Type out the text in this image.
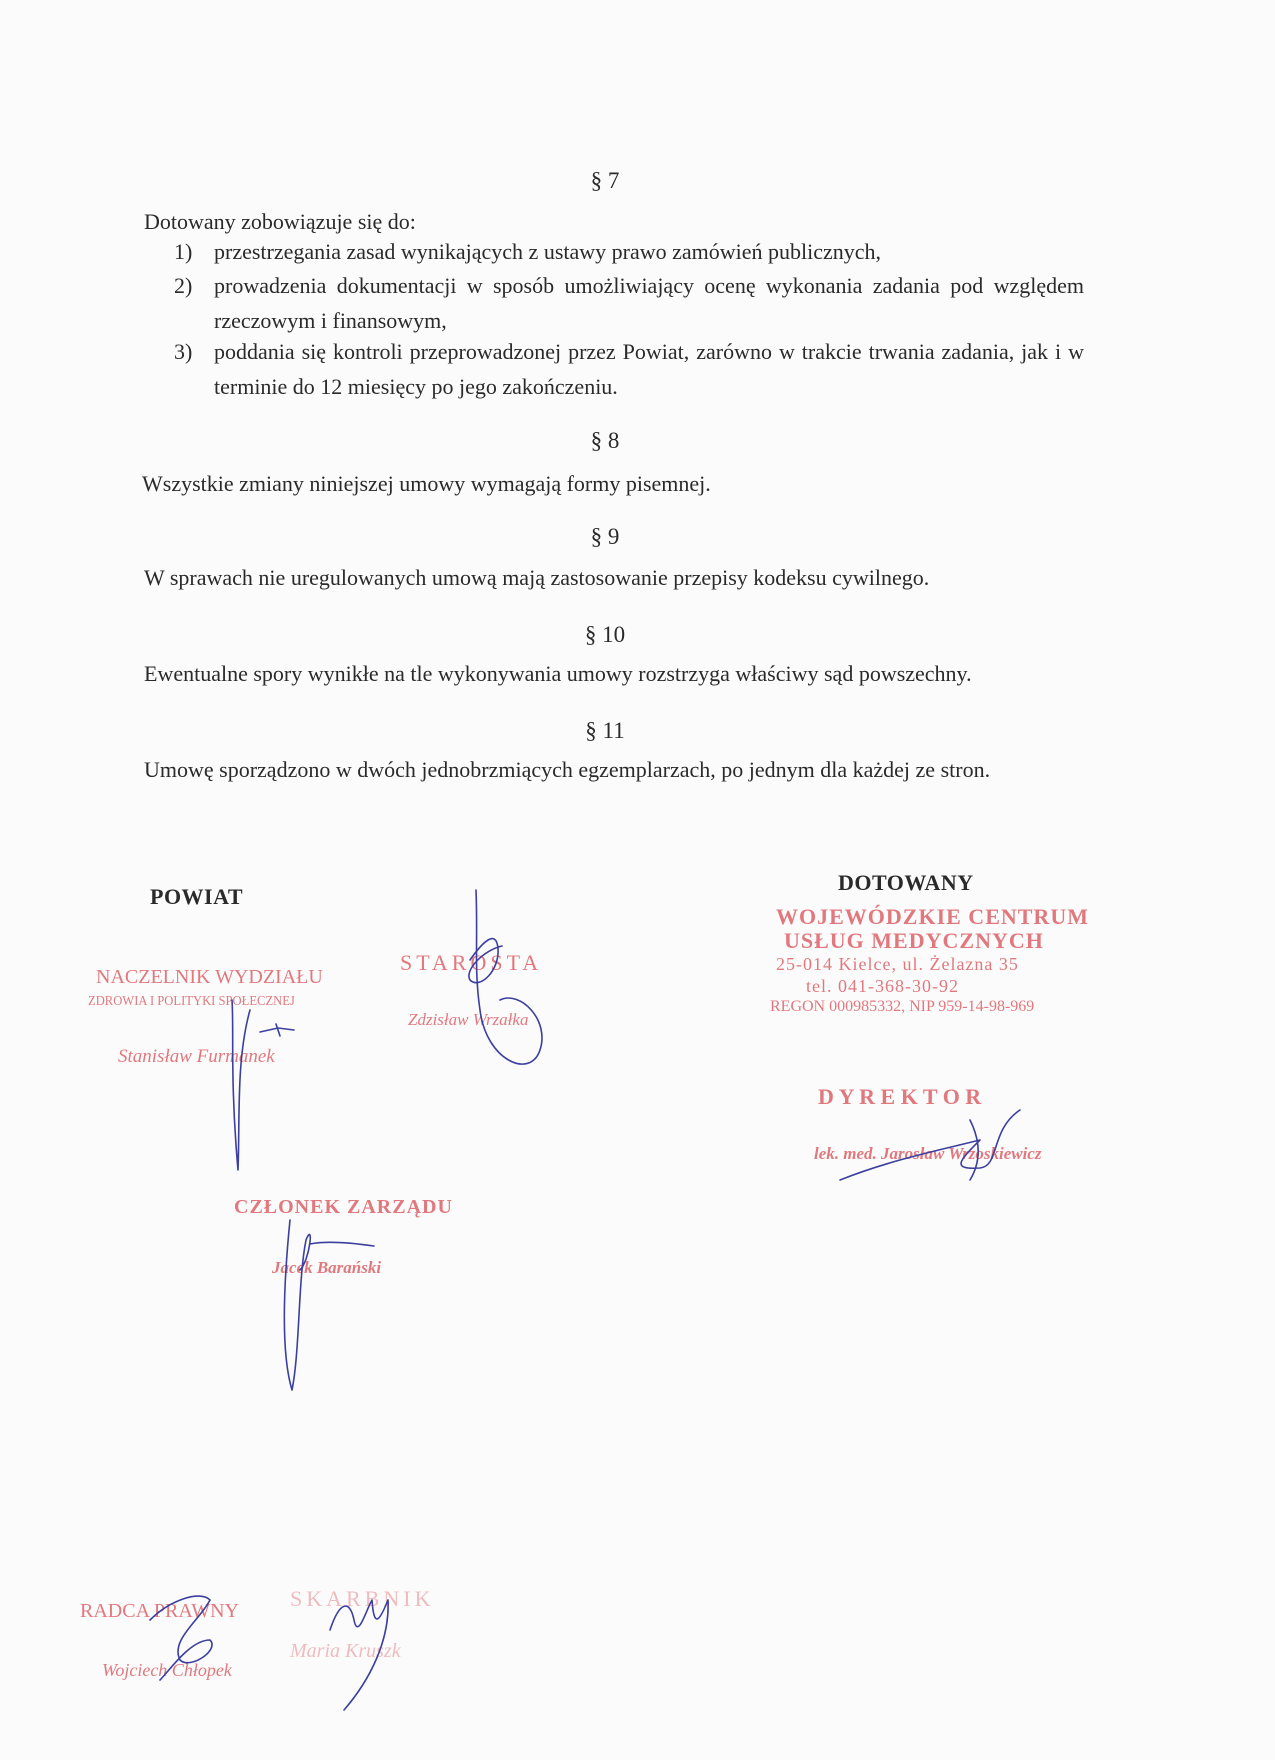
§ 7
Dotowany zobowiązuje się do:
1) przestrzegania zasad wynikających z ustawy prawo zamówień publicznych,
2) prowadzenia dokumentacji w sposób umożliwiający ocenę wykonania zadania pod względem rzeczowym i finansowym,
3) poddania się kontroli przeprowadzonej przez Powiat, zarówno w trakcie trwania zadania, jak i w terminie do 12 miesięcy po jego zakończeniu.
§ 8
Wszystkie zmiany niniejszej umowy wymagają formy pisemnej.
§ 9
W sprawach nie uregulowanych umową mają zastosowanie przepisy kodeksu cywilnego.
§ 10
Ewentualne spory wynikłe na tle wykonywania umowy rozstrzyga właściwy sąd powszechny.
§ 11
Umowę sporządzono w dwóch jednobrzmiących egzemplarzach, po jednym dla każdej ze stron.
POWIAT
DOTOWANY
NACZELNIK WYDZIAŁU
ZDROWIA I POLITYKI SPOŁECZNEJ
Stanisław Furmanek
STAROSTA
Zdzisław Wrzałka
WOJEWÓDZKIE CENTRUM
USŁUG MEDYCZNYCH
25-014 Kielce, ul. Żelazna 35
tel. 041-368-30-92
REGON 000985332, NIP 959-14-98-969
D Y R E K T O R
lek. med. Jarosław Wrzoskiewicz
CZŁONEK ZARZĄDU
Jacek Barański
RADCA PRAWNY
Wojciech Chłopek
SKARBNIK
Maria Kruszk
